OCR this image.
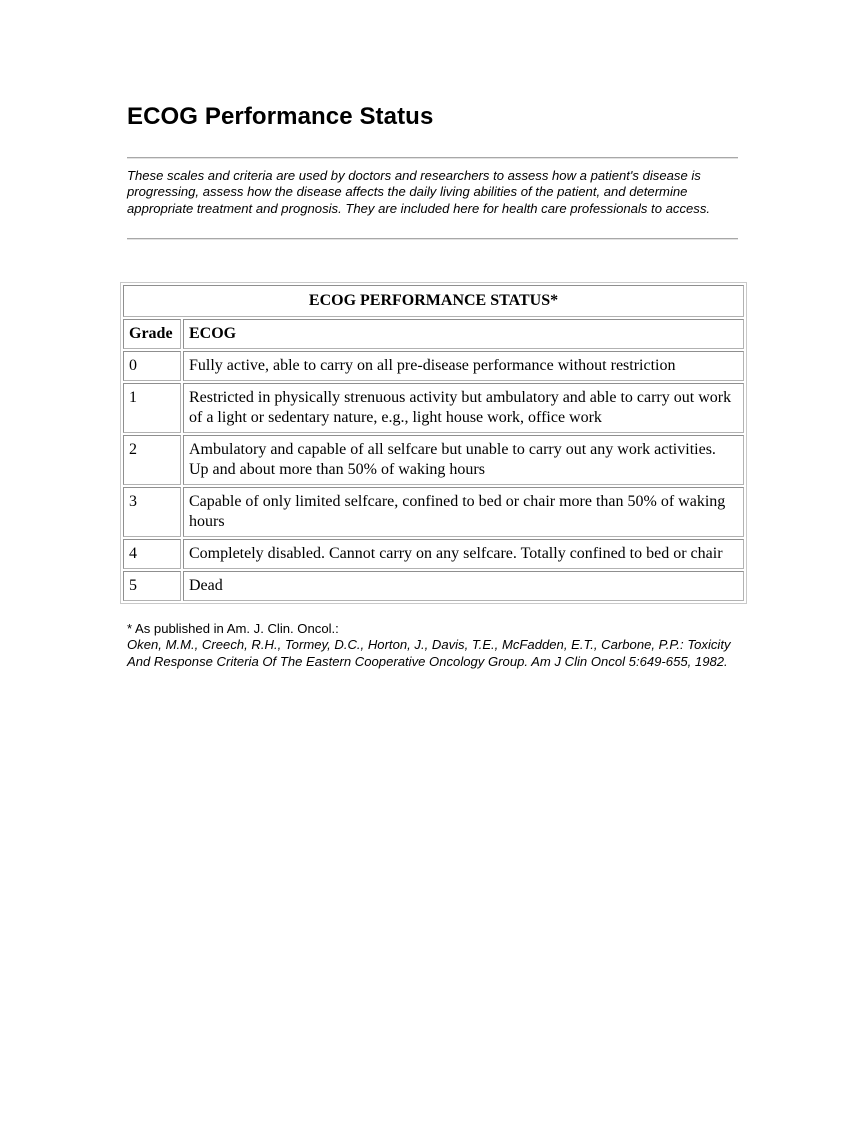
ECOG Performance Status

These scales and criteria are used by doctors and researchers to assess how a patient's disease is progressing, assess how the disease affects the daily living abilities of the patient, and determine appropriate treatment and prognosis. They are included here for health care professionals to access.

ECOG PERFORMANCE STATUS*	
Grade	ECOG
0	Fully active, able to carry on all pre-disease performance without restriction
1	Restricted in physically strenuous activity but ambulatory and able to carry out work of a light or sedentary nature, e.g., light house work, office work
2	Ambulatory and capable of all selfcare but unable to carry out any work activities. Up and about more than 50% of waking hours
3	Capable of only limited selfcare, confined to bed or chair more than 50% of waking hours
4	Completely disabled. Cannot carry on any selfcare. Totally confined to bed or chair
5	Dead

* As published in Am. J. Clin. Oncol.:
Oken, M.M., Creech, R.H., Tormey, D.C., Horton, J., Davis, T.E., McFadden, E.T., Carbone, P.P.: Toxicity And Response Criteria Of The Eastern Cooperative Oncology Group. Am J Clin Oncol 5:649-655, 1982.
